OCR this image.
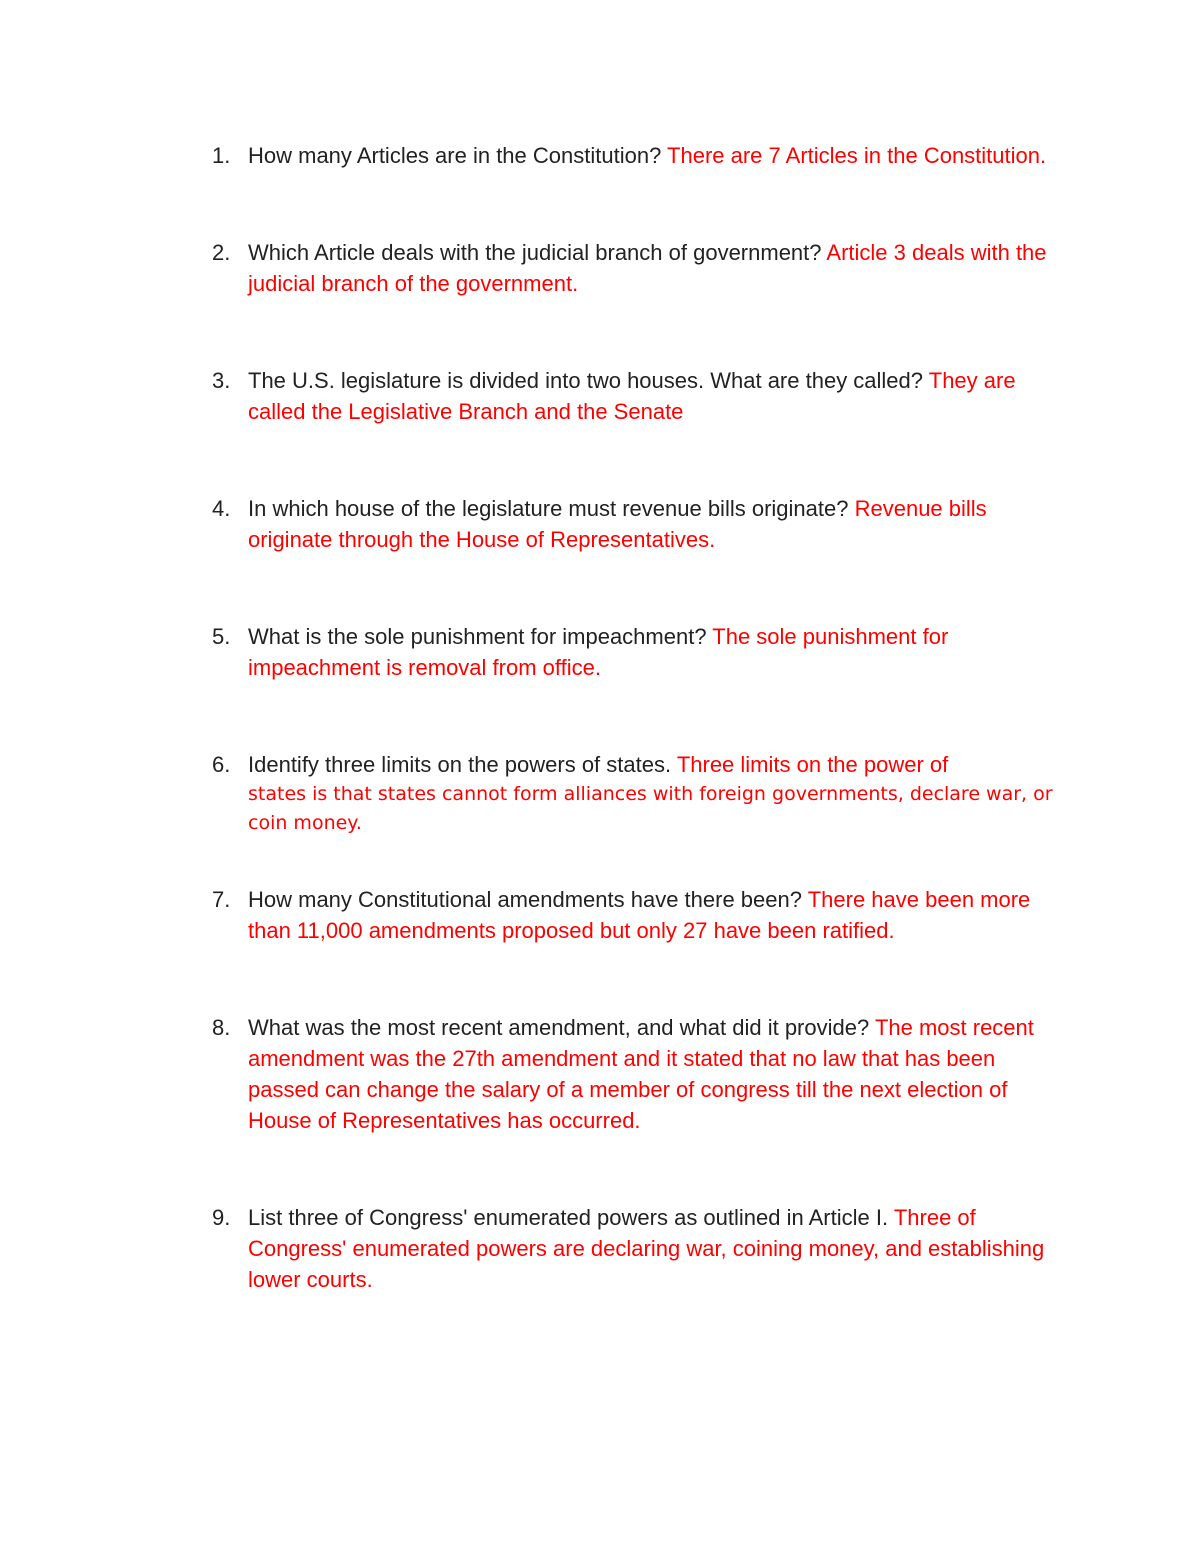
1. How many Articles are in the Constitution? There are 7 Articles in the Constitution.
2. Which Article deals with the judicial branch of government? Article 3 deals with the judicial branch of the government.
3. The U.S. legislature is divided into two houses. What are they called? They are called the Legislative Branch and the Senate
4. In which house of the legislature must revenue bills originate? Revenue bills originate through the House of Representatives.
5. What is the sole punishment for impeachment? The sole punishment for impeachment is removal from office.
6. Identify three limits on the powers of states. Three limits on the power of
states is that states cannot form alliances with foreign governments, declare war, or coin money.
7. How many Constitutional amendments have there been? There have been more than 11,000 amendments proposed but only 27 have been ratified.
8. What was the most recent amendment, and what did it provide? The most recent amendment was the 27th amendment and it stated that no law that has been passed can change the salary of a member of congress till the next election of House of Representatives has occurred.
9. List three of Congress' enumerated powers as outlined in Article I. Three of Congress' enumerated powers are declaring war, coining money, and establishing lower courts.
